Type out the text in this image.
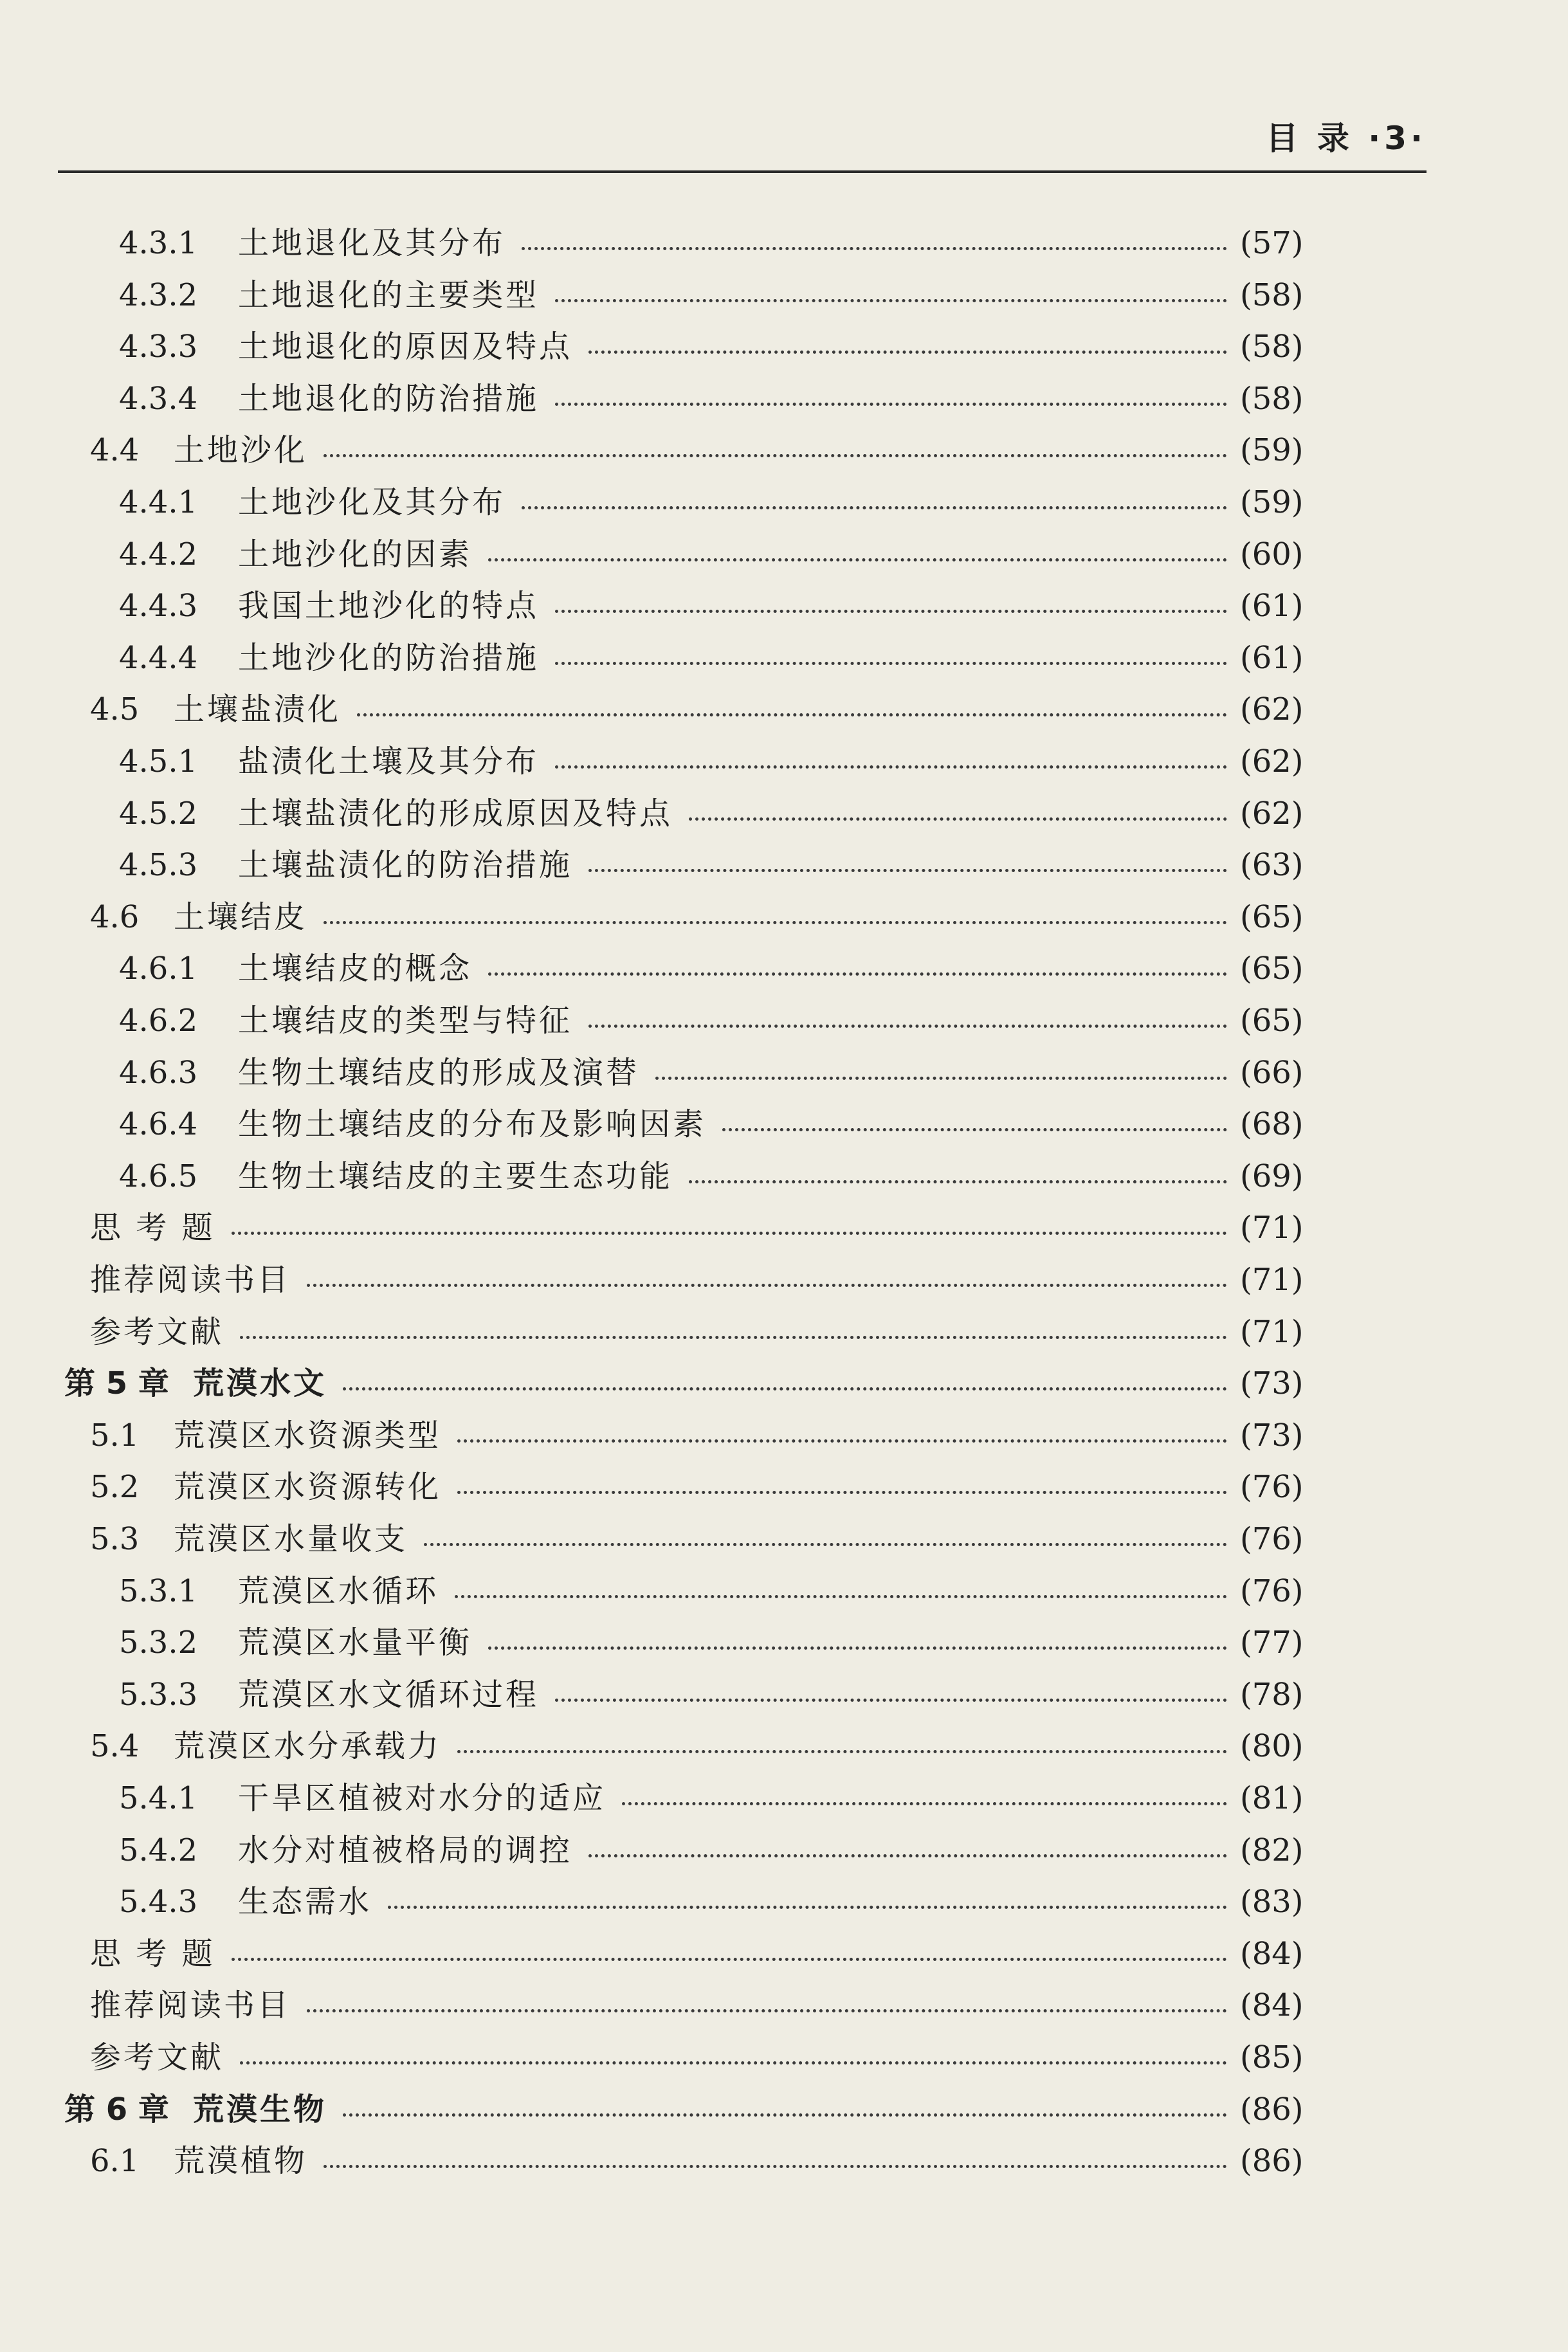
目 录 ·3·
4.3.1 土地退化及其分布	(57)
4.3.2 土地退化的主要类型	(58)
4.3.3 土地退化的原因及特点	(58)
4.3.4 土地退化的防治措施	(58)
4.4 土地沙化	(59)
4.4.1 土地沙化及其分布	(59)
4.4.2 土地沙化的因素	(60)
4.4.3 我国土地沙化的特点	(61)
4.4.4 土地沙化的防治措施	(61)
4.5 土壤盐渍化	(62)
4.5.1 盐渍化土壤及其分布	(62)
4.5.2 土壤盐渍化的形成原因及特点	(62)
4.5.3 土壤盐渍化的防治措施	(63)
4.6 土壤结皮	(65)
4.6.1 土壤结皮的概念	(65)
4.6.2 土壤结皮的类型与特征	(65)
4.6.3 生物土壤结皮的形成及演替	(66)
4.6.4 生物土壤结皮的分布及影响因素	(68)
4.6.5 生物土壤结皮的主要生态功能	(69)
思 考 题	(71)
推荐阅读书目	(71)
参考文献	(71)
第 5 章 荒漠水文	(73)
5.1 荒漠区水资源类型	(73)
5.2 荒漠区水资源转化	(76)
5.3 荒漠区水量收支	(76)
5.3.1 荒漠区水循环	(76)
5.3.2 荒漠区水量平衡	(77)
5.3.3 荒漠区水文循环过程	(78)
5.4 荒漠区水分承载力	(80)
5.4.1 干旱区植被对水分的适应	(81)
5.4.2 水分对植被格局的调控	(82)
5.4.3 生态需水	(83)
思 考 题	(84)
推荐阅读书目	(84)
参考文献	(85)
第 6 章 荒漠生物	(86)
6.1 荒漠植物	(86)
